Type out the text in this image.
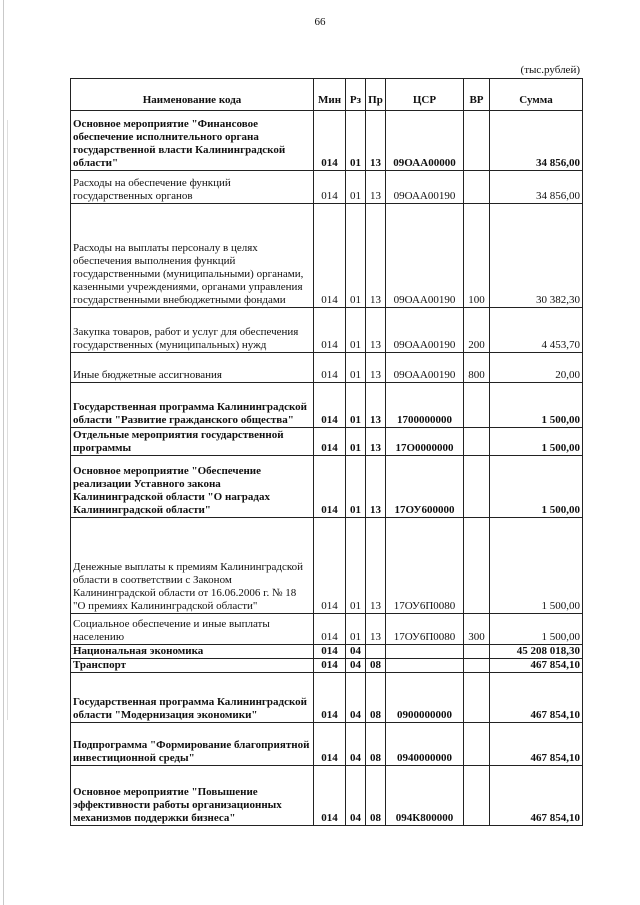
66
(тыс.рублей)
Наименование кода	Мин	Рз	Пр	ЦСР	ВР	Сумма
Основное мероприятие "Финансовое обеспечение исполнительного органа государственной власти Калининградской области"	014	01	13	09ОАА00000		34 856,00
Расходы на обеспечение функций государственных органов	014	01	13	09ОАА00190		34 856,00
Расходы на выплаты персоналу в целях обеспечения выполнения функций государственными (муниципальными) органами, казенными учреждениями, органами управления государственными внебюджетными фондами	014	01	13	09ОАА00190	100	30 382,30
Закупка товаров, работ и услуг для обеспечения государственных (муниципальных) нужд	014	01	13	09ОАА00190	200	4 453,70
Иные бюджетные ассигнования	014	01	13	09ОАА00190	800	20,00
Государственная программа Калининградской области "Развитие гражданского общества"	014	01	13	1700000000		1 500,00
Отдельные мероприятия государственной программы	014	01	13	17О0000000		1 500,00
Основное мероприятие "Обеспечение реализации Уставного закона Калининградской области "О наградах Калининградской области"	014	01	13	17ОУ600000		1 500,00
Денежные выплаты к премиям Калининградской области в соответствии с Законом Калининградской области от 16.06.2006 г. № 18 "О премиях Калининградской области"	014	01	13	17ОУ6П0080		1 500,00
Социальное обеспечение и иные выплаты населению	014	01	13	17ОУ6П0080	300	1 500,00
Национальная экономика	014	04				45 208 018,30
Транспорт	014	04	08			467 854,10
Государственная программа Калининградской области "Модернизация экономики"	014	04	08	0900000000		467 854,10
Подпрограмма "Формирование благоприятной инвестиционной среды"	014	04	08	0940000000		467 854,10
Основное мероприятие "Повышение эффективности работы организационных механизмов поддержки бизнеса"	014	04	08	094К800000		467 854,10
